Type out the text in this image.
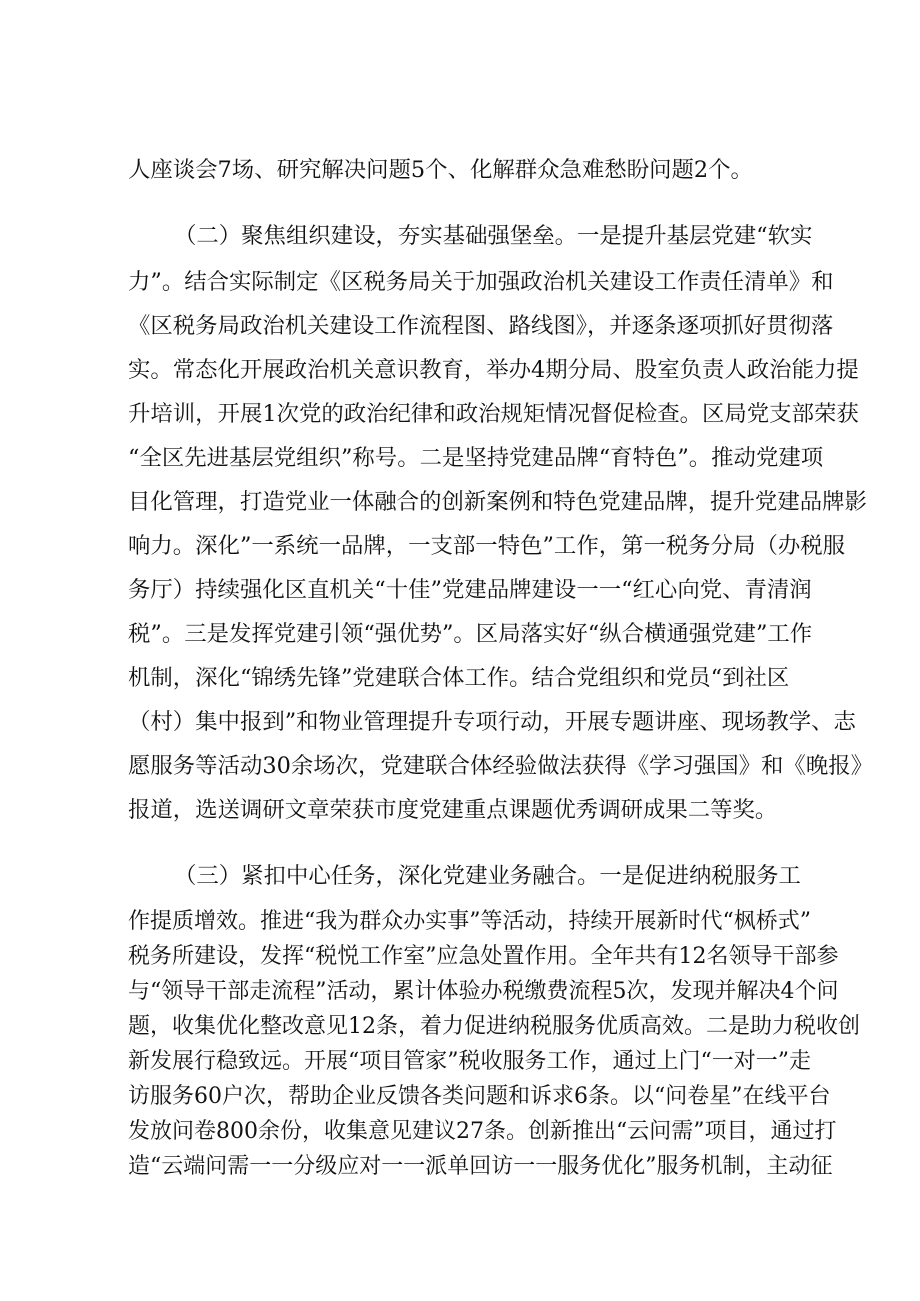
人座谈会7场、研究解决问题5个、化解群众急难愁盼问题2个。
（二）聚焦组织建设，夯实基础强堡垒。一是提升基层党建“软实
力”。结合实际制定《区税务局关于加强政治机关建设工作责任清单》和
《区税务局政治机关建设工作流程图、路线图》，并逐条逐项抓好贯彻落
实。常态化开展政治机关意识教育，举办4期分局、股室负责人政治能力提
升培训，开展1次党的政治纪律和政治规矩情况督促检查。区局党支部荣获
“全区先进基层党组织”称号。二是坚持党建品牌“育特色”。推动党建项
目化管理，打造党业一体融合的创新案例和特色党建品牌，提升党建品牌影
响力。深化”一系统一品牌，一支部一特色”工作，第一税务分局（办税服
务厅）持续强化区直机关“十佳”党建品牌建设一一“红心向党、青清润
税”。三是发挥党建引领“强优势”。区局落实好“纵合横通强党建”工作
机制，深化“锦绣先锋”党建联合体工作。结合党组织和党员“到社区
（村）集中报到”和物业管理提升专项行动，开展专题讲座、现场教学、志
愿服务等活动30余场次，党建联合体经验做法获得《学习强国》和《晚报》
报道，选送调研文章荣获市度党建重点课题优秀调研成果二等奖。
（三）紧扣中心任务，深化党建业务融合。一是促进纳税服务工
作提质增效。推进“我为群众办实事”等活动，持续开展新时代“枫桥式”
税务所建设，发挥“税悦工作室”应急处置作用。全年共有12名领导干部参
与“领导干部走流程”活动，累计体验办税缴费流程5次，发现并解决4个问
题，收集优化整改意见12条，着力促进纳税服务优质高效。二是助力税收创
新发展行稳致远。开展“项目管家”税收服务工作，通过上门“一对一”走
访服务60户次，帮助企业反馈各类问题和诉求6条。以“问卷星”在线平台
发放问卷800余份，收集意见建议27条。创新推出“云问需”项目，通过打
造“云端问需一一分级应对一一派单回访一一服务优化”服务机制，主动征
